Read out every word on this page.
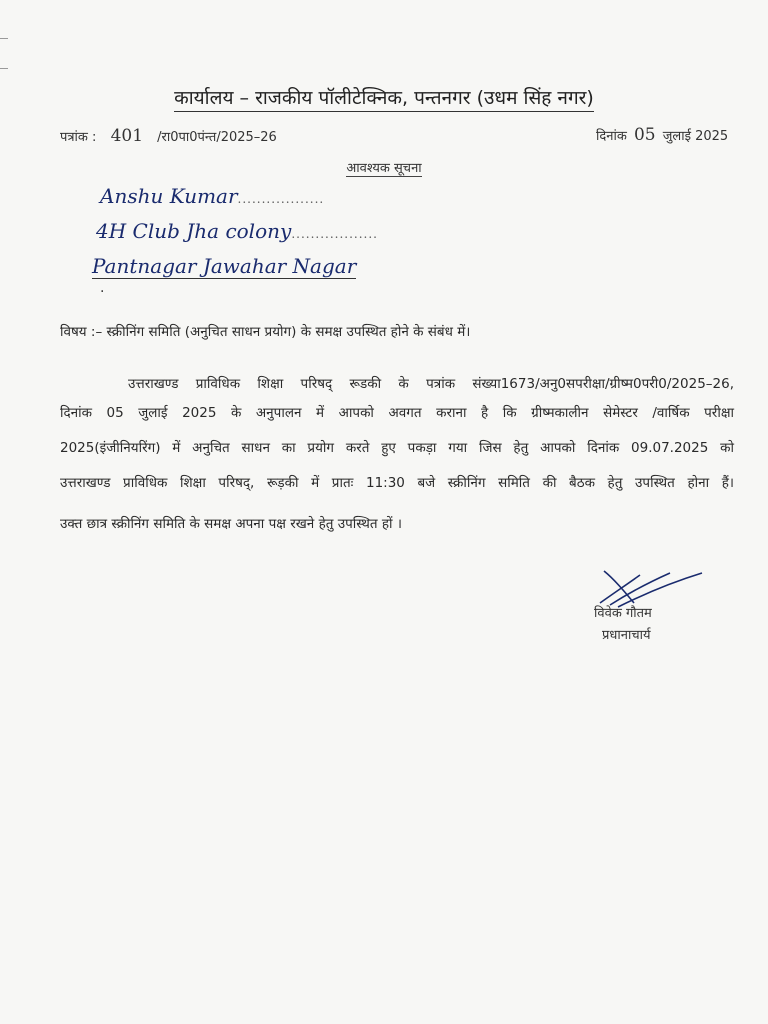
कार्यालय – राजकीय पॉलीटेक्निक, पन्तनगर (उधम सिंह नगर)
पत्रांक : 401 /रा0पा0पंन्त/2025–26	दिनांक 05 जुलाई 2025
आवश्यक सूचना
Anshu Kumar..................
4H Club Jha colony..................
Pantnagar Jawahar Nagar
.
विषय :– स्क्रीनिंग समिति (अनुचित साधन प्रयोग) के समक्ष उपस्थित होने के संबंध में।
उत्तराखण्ड प्राविधिक शिक्षा परिषद् रूडकी के पत्रांक संख्या1673/अनु0सपरीक्षा/ग्रीष्म0परी0/2025–26,
दिनांक 05 जुलाई 2025 के अनुपालन में आपको अवगत कराना है कि ग्रीष्मकालीन सेमेस्टर /वार्षिक परीक्षा
2025(इंजीनियरिंग) में अनुचित साधन का प्रयोग करते हुए पकड़ा गया जिस हेतु आपको दिनांक 09.07.2025 को
उत्तराखण्ड प्राविधिक शिक्षा परिषद्, रूड़की में प्रातः 11:30 बजे स्क्रीनिंग समिति की बैठक हेतु उपस्थित होना हैं।
उक्त छात्र स्क्रीनिंग समिति के समक्ष अपना पक्ष रखने हेतु उपस्थित हों ।
विवेक गौतम
प्रधानाचार्य
